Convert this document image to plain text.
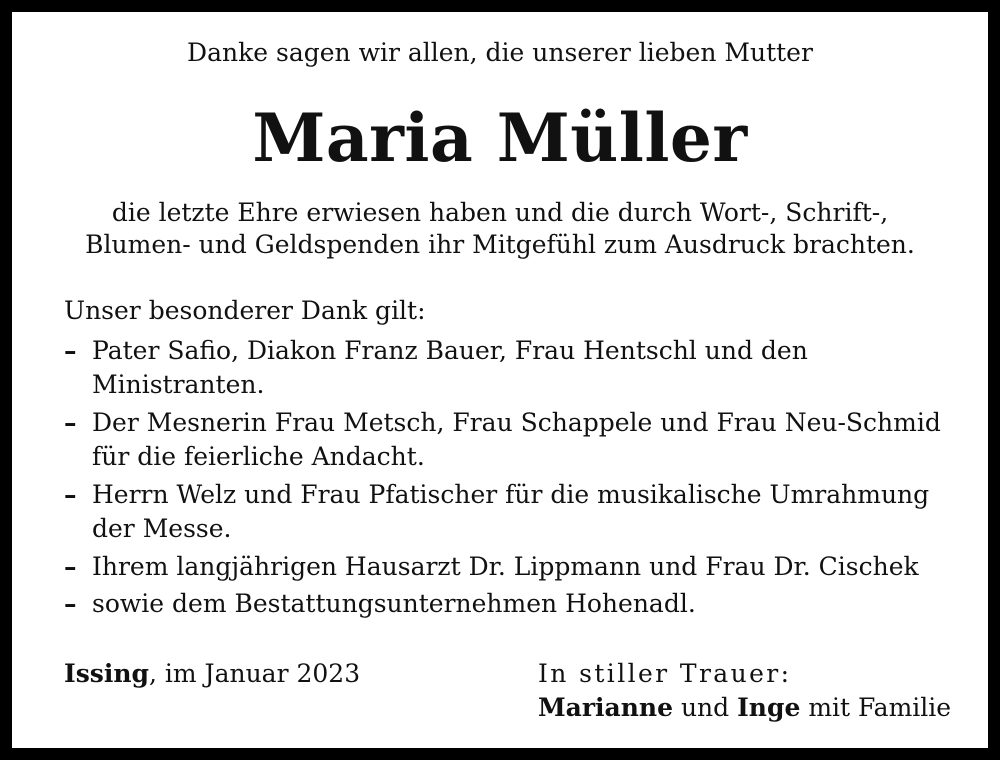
Danke sagen wir allen, die unserer lieben Mutter
Maria Müller
die letzte Ehre erwiesen haben und die durch Wort-, Schrift-,
Blumen- und Geldspenden ihr Mitgefühl zum Ausdruck brachten.
Unser besonderer Dank gilt:
– Pater Safio, Diakon Franz Bauer, Frau Hentschl und den
Ministranten.
– Der Mesnerin Frau Metsch, Frau Schappele und Frau Neu-Schmid
für die feierliche Andacht.
– Herrn Welz und Frau Pfatischer für die musikalische Umrahmung
der Messe.
– Ihrem langjährigen Hausarzt Dr. Lippmann und Frau Dr. Cischek
– sowie dem Bestattungsunternehmen Hohenadl.
Issing, im Januar 2023	In stiller Trauer:
Marianne und Inge mit Familie
